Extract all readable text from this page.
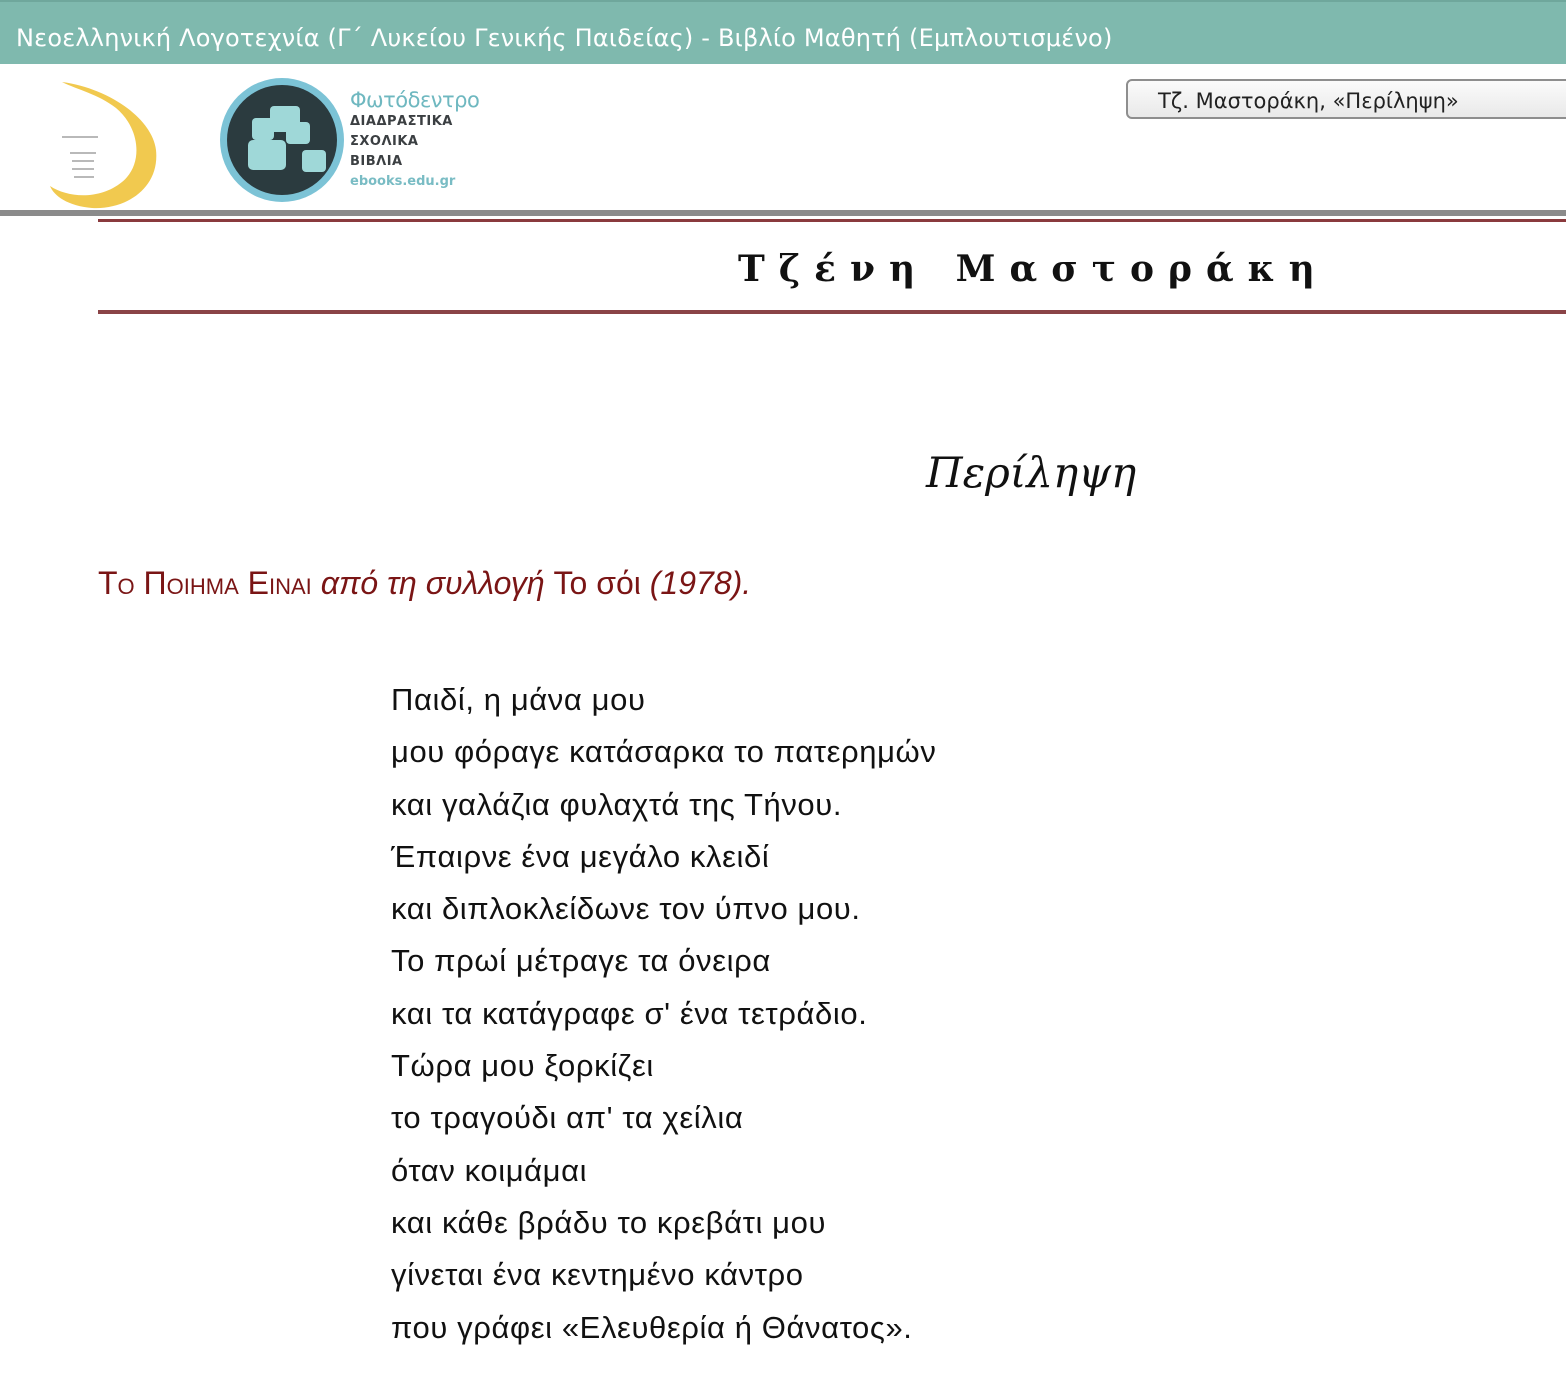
Νεοελληνική Λογοτεχνία (Γ΄ Λυκείου Γενικής Παιδείας) - Βιβλίο Μαθητή (Εμπλουτισμένο)
Φωτόδεντρο
ΔΙΑΔΡΑΣΤΙΚΑ
ΣΧΟΛΙΚΑ
ΒΙΒΛΙΑ
ebooks.edu.gr
Τζ. Μαστοράκη, «Περίληψη»
Τζένη Μαστοράκη
Περίληψη
Το Ποιημα Ειναι από τη συλλογή Το σόι (1978).
Παιδί, η μάνα μου
μου φόραγε κατάσαρκα το πατερημών
και γαλάζια φυλαχτά της Τήνου.
Έπαιρνε ένα μεγάλο κλειδί
και διπλοκλείδωνε τον ύπνο μου.
Το πρωί μέτραγε τα όνειρα
και τα κατάγραφε σ' ένα τετράδιο.
Τώρα μου ξορκίζει
το τραγούδι απ' τα χείλια
όταν κοιμάμαι
και κάθε βράδυ το κρεβάτι μου
γίνεται ένα κεντημένο κάντρο
που γράφει «Ελευθερία ή Θάνατος».
